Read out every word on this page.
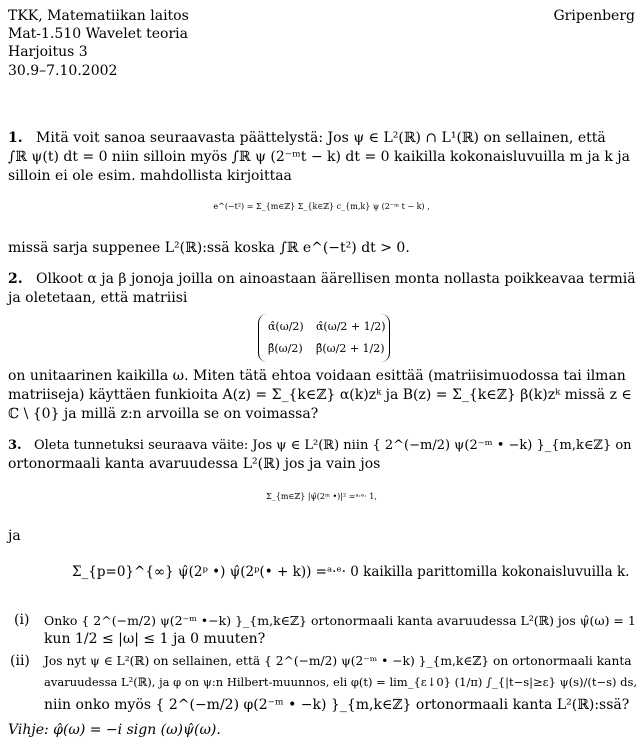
TKK, Matematiikan laitos
Mat-1.510 Wavelet teoria
Harjoitus 3
30.9–7.10.2002
Gripenberg
1. Mitä voit sanoa seuraavasta päättelystä: Jos ψ ∈ L²(ℝ) ∩ L¹(ℝ) on sellainen, että
∫ℝ ψ(t) dt = 0 niin silloin myös ∫ℝ ψ (2⁻ᵐt − k) dt = 0 kaikilla kokonaisluvuilla m ja k ja
silloin ei ole esim. mahdollista kirjoittaa
e^(−t²) = Σ_{m∈ℤ} Σ_{k∈ℤ} c_{m,k} ψ (2⁻ᵐ t − k) ,
missä sarja suppenee L²(ℝ):ssä koska ∫ℝ e^(−t²) dt > 0.
2. Olkoot α ja β jonoja joilla on ainoastaan äärellisen monta nollasta poikkeavaa termiä
ja oletetaan, että matriisi
α̂(ω/2) α̂(ω/2 + 1/2)
β̂(ω/2) β̂(ω/2 + 1/2)
on unitaarinen kaikilla ω. Miten tätä ehtoa voidaan esittää (matriisimuodossa tai ilman
matriiseja) käyttäen funkioita A(z) = Σ_{k∈ℤ} α(k)zᵏ ja B(z) = Σ_{k∈ℤ} β(k)zᵏ missä z ∈
ℂ \ {0} ja millä z:n arvoilla se on voimassa?
3. Oleta tunnetuksi seuraava väite: Jos ψ ∈ L²(ℝ) niin { 2^(−m/2) ψ(2⁻ᵐ • −k) }_{m,k∈ℤ} on
ortonormaali kanta avaruudessa L²(ℝ) jos ja vain jos
Σ_{m∈ℤ} |ψ̂(2ᵐ •)|² =ᵃ·ᵉ· 1,
ja
Σ_{p=0}^{∞} ψ̂(2ᵖ •) ψ̂(2ᵖ(• + k)) =ᵃ·ᵉ· 0 kaikilla parittomilla kokonaisluvuilla k.
(i) Onko { 2^(−m/2) ψ(2⁻ᵐ •−k) }_{m,k∈ℤ} ortonormaali kanta avaruudessa L²(ℝ) jos ψ̂(ω) = 1
kun 1/2 ≤ |ω| ≤ 1 ja 0 muuten?
(ii) Jos nyt ψ ∈ L²(ℝ) on sellainen, että { 2^(−m/2) ψ(2⁻ᵐ • −k) }_{m,k∈ℤ} on ortonormaali kanta
avaruudessa L²(ℝ), ja φ on ψ:n Hilbert-muunnos, eli φ(t) = lim_{ε↓0} (1/π) ∫_{|t−s|≥ε} ψ(s)/(t−s) ds,
niin onko myös { 2^(−m/2) φ(2⁻ᵐ • −k) }_{m,k∈ℤ} ortonormaali kanta L²(ℝ):ssä?
Vihje: φ̂(ω) = −i sign (ω)ψ̂(ω).
